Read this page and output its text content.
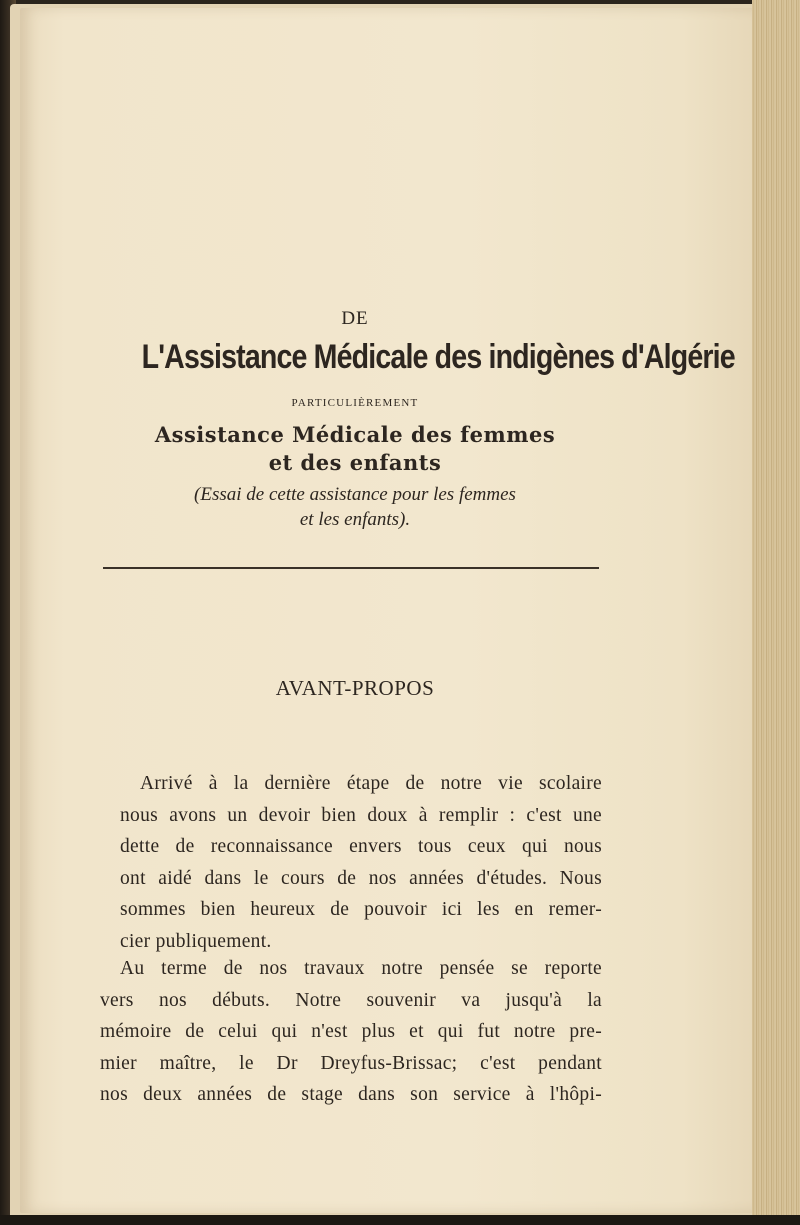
DE
L'Assistance Médicale des indigènes d'Algérie
PARTICULIÈREMENT
Assistance Médicale des femmes
et des enfants
(Essai de cette assistance pour les femmes
et les enfants).
AVANT-PROPOS
Arrivé à la dernière étape de notre vie scolaire
nous avons un devoir bien doux à remplir : c'est une
dette de reconnaissance envers tous ceux qui nous
ont aidé dans le cours de nos années d'études. Nous
sommes bien heureux de pouvoir ici les en remer-
cier publiquement.
Au terme de nos travaux notre pensée se reporte
vers nos débuts. Notre souvenir va jusqu'à la
mémoire de celui qui n'est plus et qui fut notre pre-
mier maître, le Dr Dreyfus-Brissac; c'est pendant
nos deux années de stage dans son service à l'hôpi-
